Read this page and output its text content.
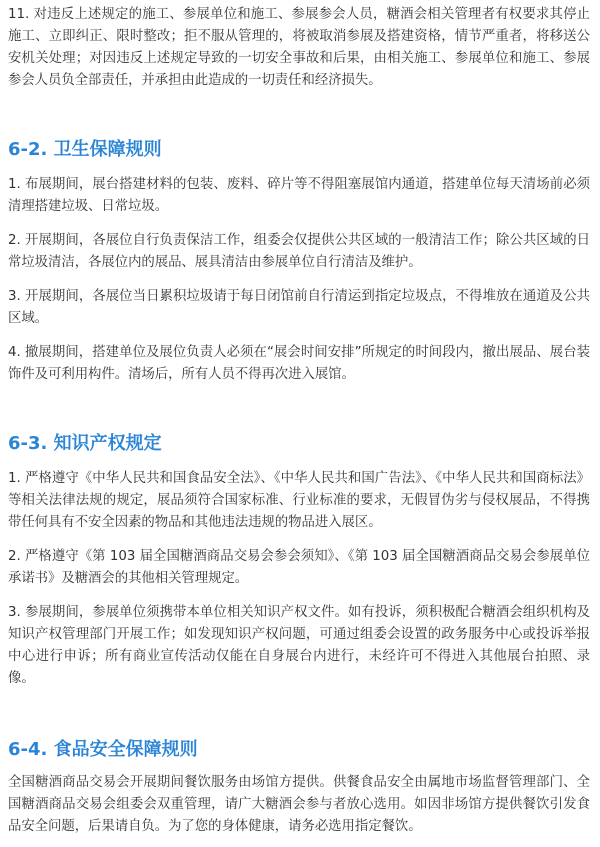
11. 对违反上述规定的施工、参展单位和施工、参展参会人员，糖酒会相关管理者有权要求其停止施工、立即纠正、限时整改；拒不服从管理的，将被取消参展及搭建资格，情节严重者，将移送公安机关处理；对因违反上述规定导致的一切安全事故和后果，由相关施工、参展单位和施工、参展参会人员负全部责任，并承担由此造成的一切责任和经济损失。

6-2. 卫生保障规则

1. 布展期间，展台搭建材料的包装、废料、碎片等不得阻塞展馆内通道，搭建单位每天清场前必须清理搭建垃圾、日常垃圾。

2. 开展期间，各展位自行负责保洁工作，组委会仅提供公共区域的一般清洁工作；除公共区域的日常垃圾清洁，各展位内的展品、展具清洁由参展单位自行清洁及维护。

3. 开展期间，各展位当日累积垃圾请于每日闭馆前自行清运到指定垃圾点，不得堆放在通道及公共区域。

4. 撤展期间，搭建单位及展位负责人必须在“展会时间安排”所规定的时间段内，撤出展品、展台装饰件及可利用构件。清场后，所有人员不得再次进入展馆。

6-3. 知识产权规定

1. 严格遵守《中华人民共和国食品安全法》、《中华人民共和国广告法》、《中华人民共和国商标法》等相关法律法规的规定，展品须符合国家标准、行业标准的要求，无假冒伪劣与侵权展品，不得携带任何具有不安全因素的物品和其他违法违规的物品进入展区。

2. 严格遵守《第 103 届全国糖酒商品交易会参会须知》、《第 103 届全国糖酒商品交易会参展单位承诺书》及糖酒会的其他相关管理规定。

3. 参展期间，参展单位须携带本单位相关知识产权文件。如有投诉，须积极配合糖酒会组织机构及知识产权管理部门开展工作；如发现知识产权问题，可通过组委会设置的政务服务中心或投诉举报中心进行申诉；所有商业宣传活动仅能在自身展台内进行，未经许可不得进入其他展台拍照、录像。

6-4. 食品安全保障规则

全国糖酒商品交易会开展期间餐饮服务由场馆方提供。供餐食品安全由属地市场监督管理部门、全国糖酒商品交易会组委会双重管理，请广大糖酒会参与者放心选用。如因非场馆方提供餐饮引发食品安全问题，后果请自负。为了您的身体健康，请务必选用指定餐饮。
